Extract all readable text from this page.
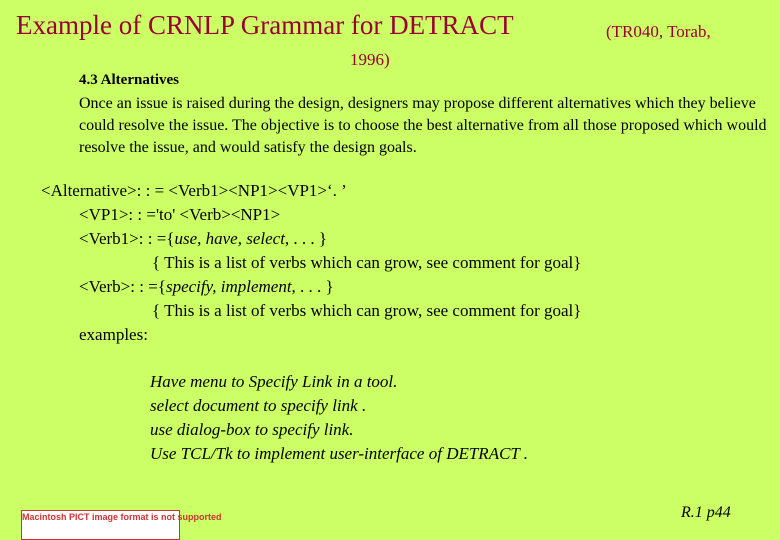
Example of CRNLP Grammar for DETRACT	(TR040, Torab,
1996)
4.3 Alternatives
Once an issue is raised during the design, designers may propose different alternatives which they believe could resolve the issue. The objective is to choose the best alternative from all those proposed which would resolve the issue, and would satisfy the design goals.
<Alternative>: : = <Verb1><NP1><VP1>‘. ’
<VP1>: : ='to' <Verb><NP1>
<Verb1>: : ={use, have, select, . . . }
{ This is a list of verbs which can grow, see comment for goal}
<Verb>: : ={specify, implement, . . . }
{ This is a list of verbs which can grow, see comment for goal}
examples:
Have menu to Specify Link in a tool.
select document to specify link .
use dialog-box to specify link.
Use TCL/Tk to implement user-interface of DETRACT .
Macintosh PICT image format is not supported	R.1 p44
